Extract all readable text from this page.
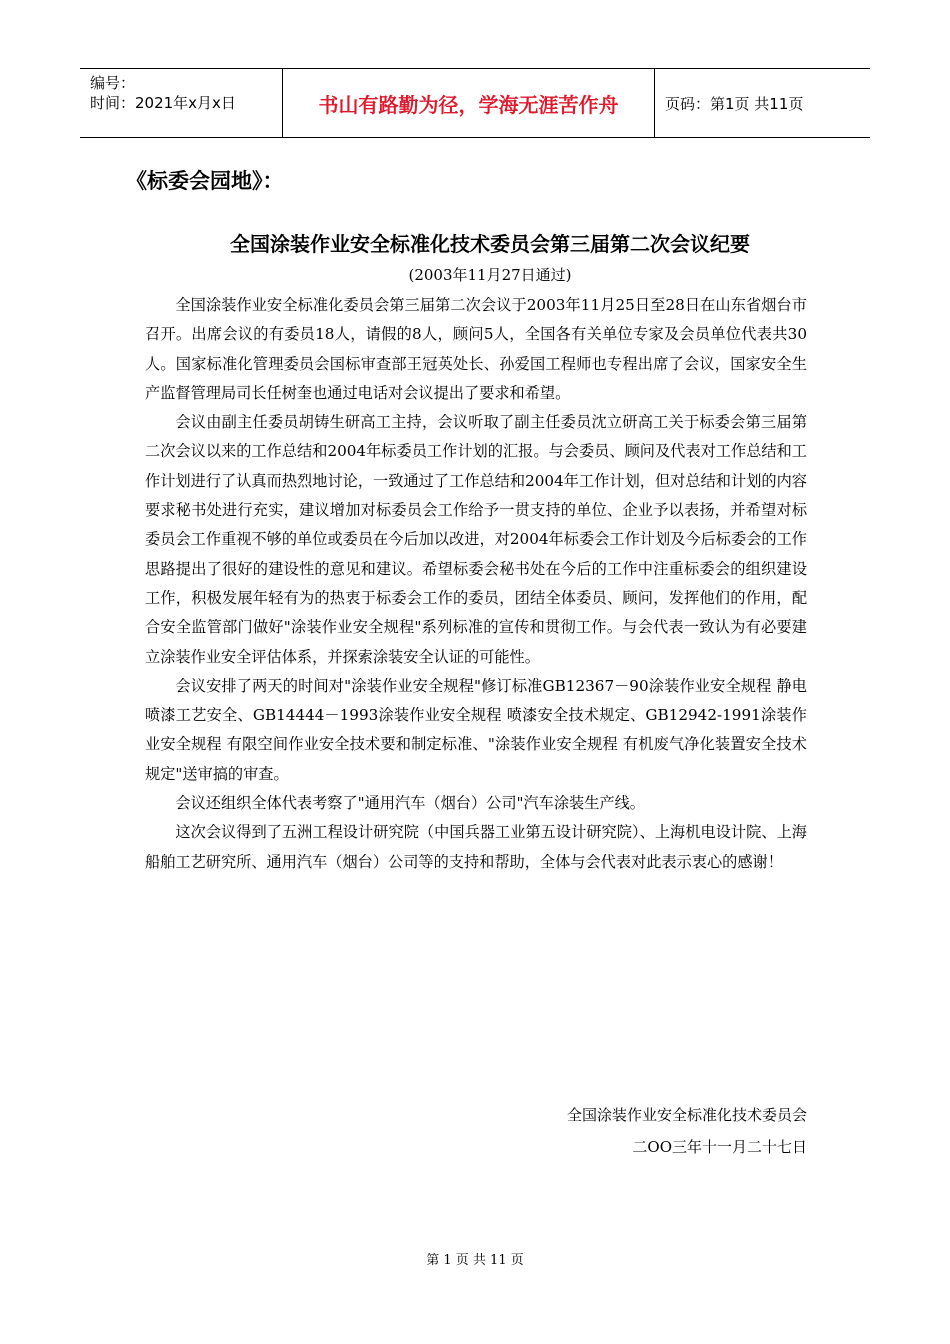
编号：
时间：2021年x月x日	书山有路勤为径，学海无涯苦作舟	页码：第1页 共11页
《标委会园地》：
全国涂装作业安全标准化技术委员会第三届第二次会议纪要
(2003年11月27日通过)

全国涂装作业安全标准化委员会第三届第二次会议于2003年11月25日至28日在山东省烟台市召开。出席会议的有委员18人，请假的8人，顾问5人，全国各有关单位专家及会员单位代表共30人。国家标准化管理委员会国标审查部王冠英处长、孙爱国工程师也专程出席了会议，国家安全生产监督管理局司长任树奎也通过电话对会议提出了要求和希望。

会议由副主任委员胡铸生研高工主持，会议听取了副主任委员沈立研高工关于标委会第三届第二次会议以来的工作总结和2004年标委员工作计划的汇报。与会委员、顾问及代表对工作总结和工作计划进行了认真而热烈地讨论，一致通过了工作总结和2004年工作计划，但对总结和计划的内容要求秘书处进行充实，建议增加对标委员会工作给予一贯支持的单位、企业予以表扬，并希望对标委员会工作重视不够的单位或委员在今后加以改进，对2004年标委会工作计划及今后标委会的工作思路提出了很好的建设性的意见和建议。希望标委会秘书处在今后的工作中注重标委会的组织建设工作，积极发展年轻有为的热衷于标委会工作的委员，团结全体委员、顾问，发挥他们的作用，配合安全监管部门做好"涂装作业安全规程"系列标准的宣传和贯彻工作。与会代表一致认为有必要建立涂装作业安全评估体系，并探索涂装安全认证的可能性。

会议安排了两天的时间对"涂装作业安全规程"修订标准GB12367－90涂装作业安全规程 静电喷漆工艺安全、GB14444－1993涂装作业安全规程 喷漆安全技术规定、GB12942-1991涂装作业安全规程 有限空间作业安全技术要和制定标准、"涂装作业安全规程 有机废气净化装置安全技术规定"送审搞的审查。

会议还组织全体代表考察了"通用汽车（烟台）公司"汽车涂装生产线。

这次会议得到了五洲工程设计研究院（中国兵器工业第五设计研究院）、上海机电设计院、上海船舶工艺研究所、通用汽车（烟台）公司等的支持和帮助，全体与会代表对此表示衷心的感谢！

全国涂装作业安全标准化技术委员会
二OO三年十一月二十七日
第 1 页 共 11 页
